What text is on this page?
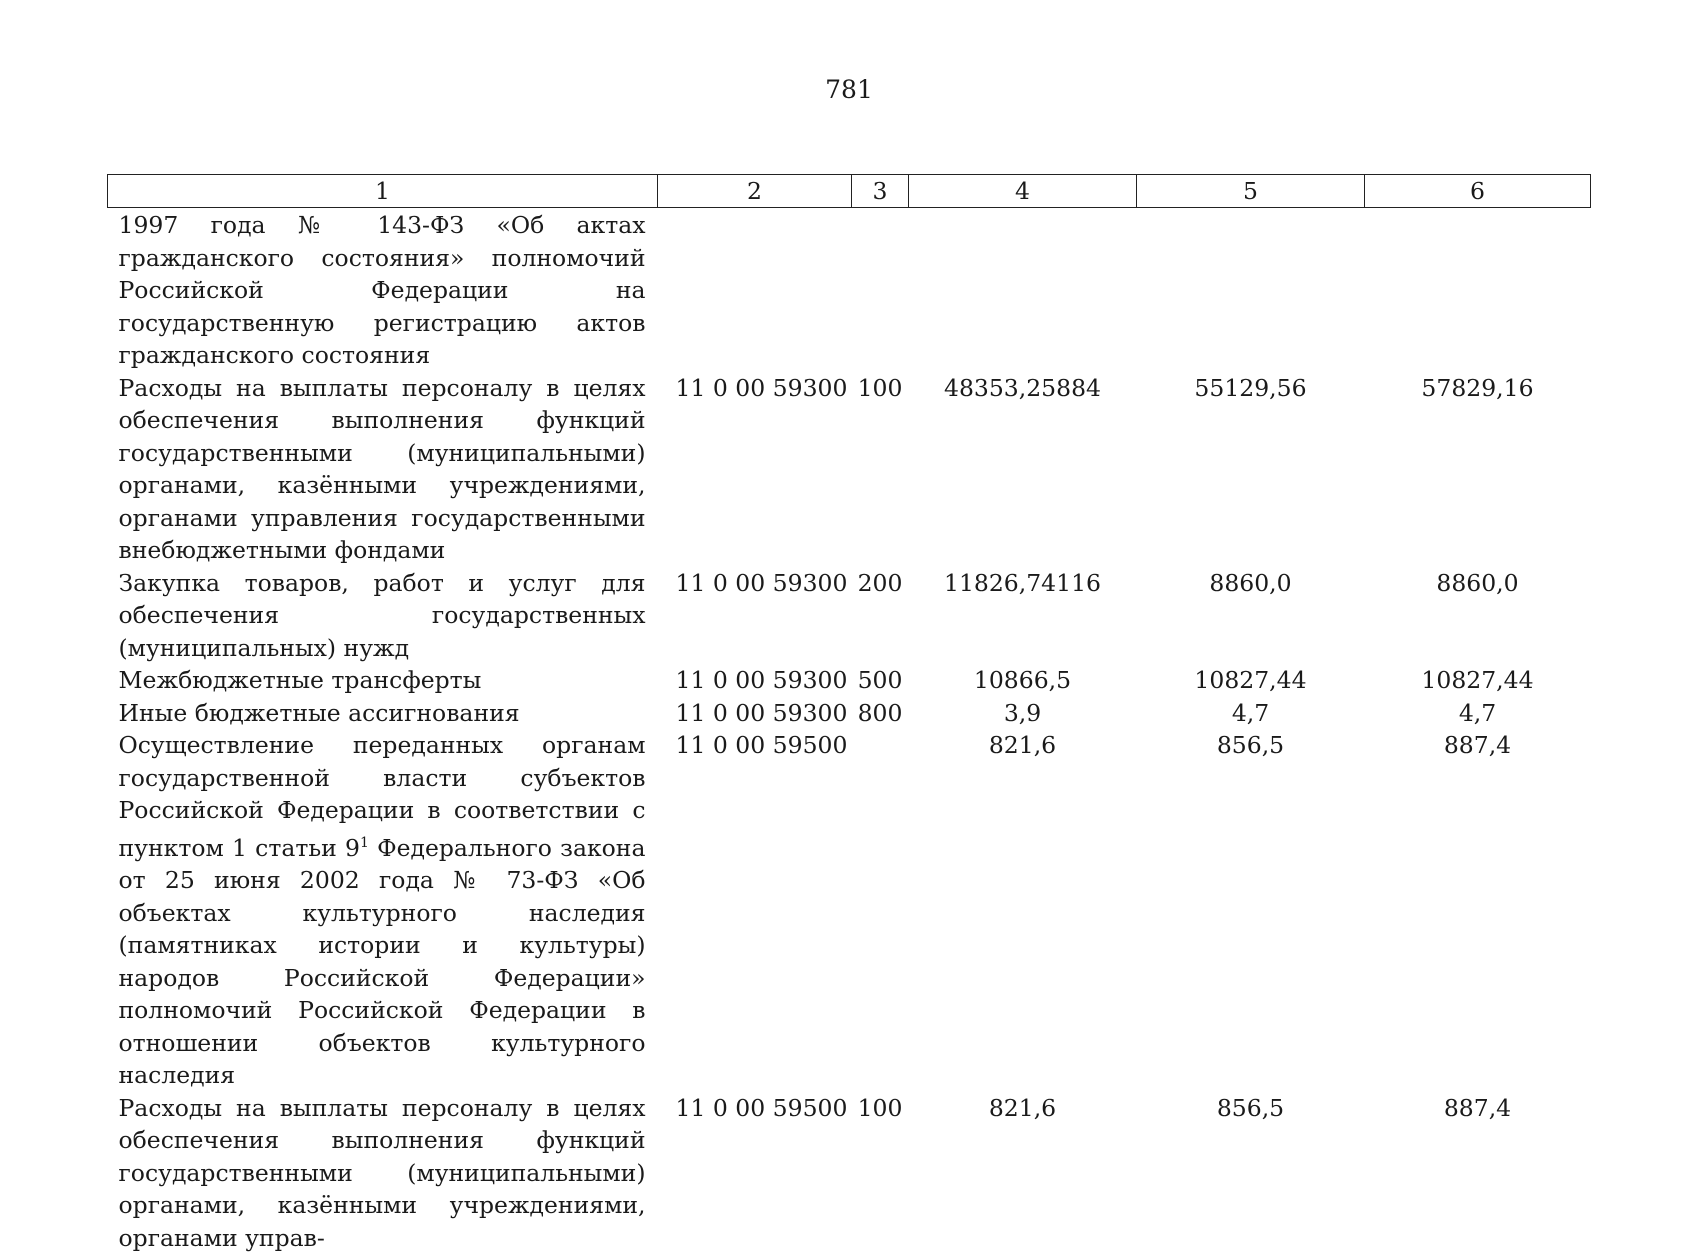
781
1	2	3	4	5	6
1997 года № 143-ФЗ «Об актах гражданского состояния» полномочий Российской Федерации на государственную регистрацию актов гражданского состояния					
Расходы на выплаты персоналу в целях обеспечения выполнения функций государственными (муниципальными) органами, казёнными учреждениями, органами управления государственными внебюджетными фондами	11 0 00 59300	100	48353,25884	55129,56	57829,16
Закупка товаров, работ и услуг для обеспечения государственных (муниципальных) нужд	11 0 00 59300	200	11826,74116	8860,0	8860,0
Межбюджетные трансферты	11 0 00 59300	500	10866,5	10827,44	10827,44
Иные бюджетные ассигнования	11 0 00 59300	800	3,9	4,7	4,7
Осуществление переданных органам государственной власти субъектов Российской Федерации в соответствии с пунктом 1 статьи $9^1$ Федерального закона от 25 июня 2002 года № 73-ФЗ «Об объектах культурного наследия (памятниках истории и культуры) народов Российской Федерации» полномочий Российской Федерации в отношении объектов культурного наследия	11 0 00 59500		821,6	856,5	887,4
Расходы на выплаты персоналу в целях обеспечения выполнения функций государственными (муниципальными) органами, казёнными учреждениями, органами управ-	11 0 00 59500	100	821,6	856,5	887,4
